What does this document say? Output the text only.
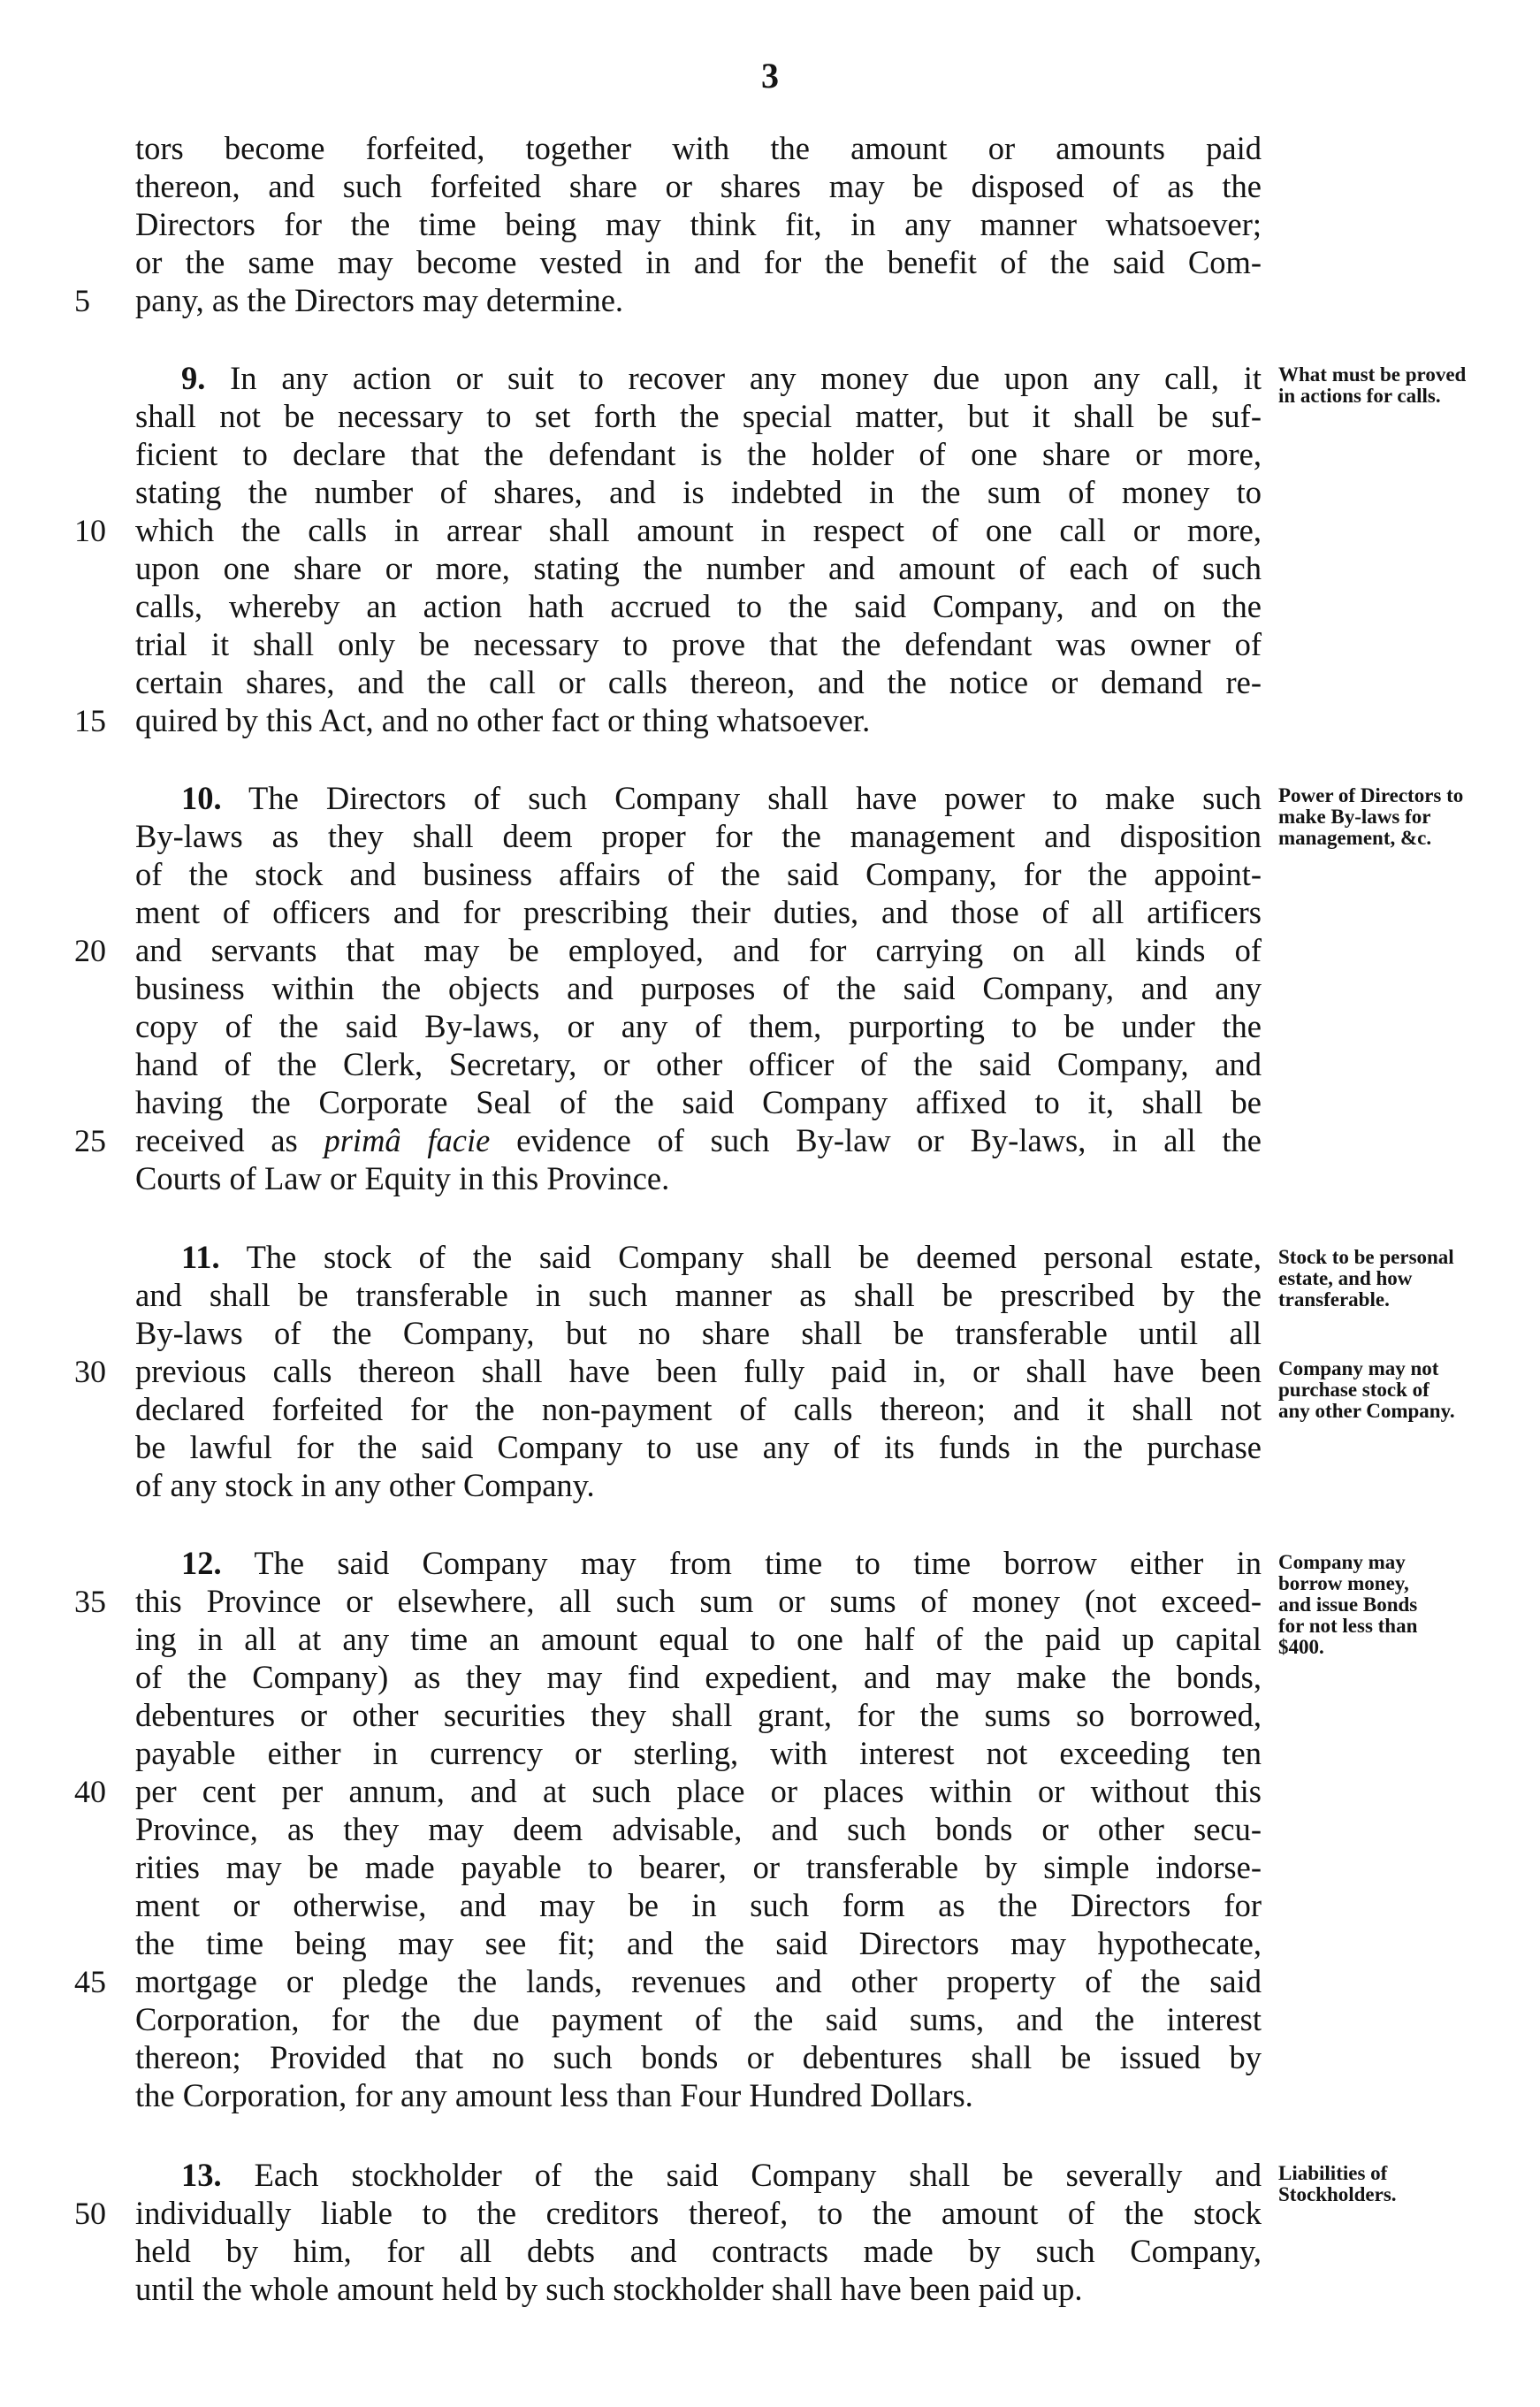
3
tors become forfeited, together with the amount or amounts paid
thereon, and such forfeited share or shares may be disposed of as the
Directors for the time being may think fit, in any manner whatsoever;
or the same may become vested in and for the benefit of the said Com-
pany, as the Directors may determine.
5
9. In any action or suit to recover any money due upon any call, it
shall not be necessary to set forth the special matter, but it shall be suf-
ficient to declare that the defendant is the holder of one share or more,
stating the number of shares, and is indebted in the sum of money to
which the calls in arrear shall amount in respect of one call or more,
10
upon one share or more, stating the number and amount of each of such
calls, whereby an action hath accrued to the said Company, and on the
trial it shall only be necessary to prove that the defendant was owner of
certain shares, and the call or calls thereon, and the notice or demand re-
quired by this Act, and no other fact or thing whatsoever.
15
What must be proved in actions for calls.
10. The Directors of such Company shall have power to make such
By-laws as they shall deem proper for the management and disposition
of the stock and business affairs of the said Company, for the appoint-
ment of officers and for prescribing their duties, and those of all artificers
and servants that may be employed, and for carrying on all kinds of
20
business within the objects and purposes of the said Company, and any
copy of the said By-laws, or any of them, purporting to be under the
hand of the Clerk, Secretary, or other officer of the said Company, and
having the Corporate Seal of the said Company affixed to it, shall be
received as primâ facie evidence of such By-law or By-laws, in all the
25
Courts of Law or Equity in this Province.
Power of Directors to make By-laws for management, &c.
11. The stock of the said Company shall be deemed personal estate,
and shall be transferable in such manner as shall be prescribed by the
By-laws of the Company, but no share shall be transferable until all
previous calls thereon shall have been fully paid in, or shall have been
30
declared forfeited for the non-payment of calls thereon; and it shall not
be lawful for the said Company to use any of its funds in the purchase
of any stock in any other Company.
Stock to be personal estate, and how transferable.
Company may not purchase stock of any other Company.
12. The said Company may from time to time borrow either in
this Province or elsewhere, all such sum or sums of money (not exceed-
35
ing in all at any time an amount equal to one half of the paid up capital
of the Company) as they may find expedient, and may make the bonds,
debentures or other securities they shall grant, for the sums so borrowed,
payable either in currency or sterling, with interest not exceeding ten
per cent per annum, and at such place or places within or without this
40
Province, as they may deem advisable, and such bonds or other secu-
rities may be made payable to bearer, or transferable by simple indorse-
ment or otherwise, and may be in such form as the Directors for
the time being may see fit; and the said Directors may hypothecate,
mortgage or pledge the lands, revenues and other property of the said
45
Corporation, for the due payment of the said sums, and the interest
thereon; Provided that no such bonds or debentures shall be issued by
the Corporation, for any amount less than Four Hundred Dollars.
Company may borrow money, and issue Bonds for not less than $400.
13. Each stockholder of the said Company shall be severally and
individually liable to the creditors thereof, to the amount of the stock
50
held by him, for all debts and contracts made by such Company,
until the whole amount held by such stockholder shall have been paid up.
Liabilities of Stockholders.
